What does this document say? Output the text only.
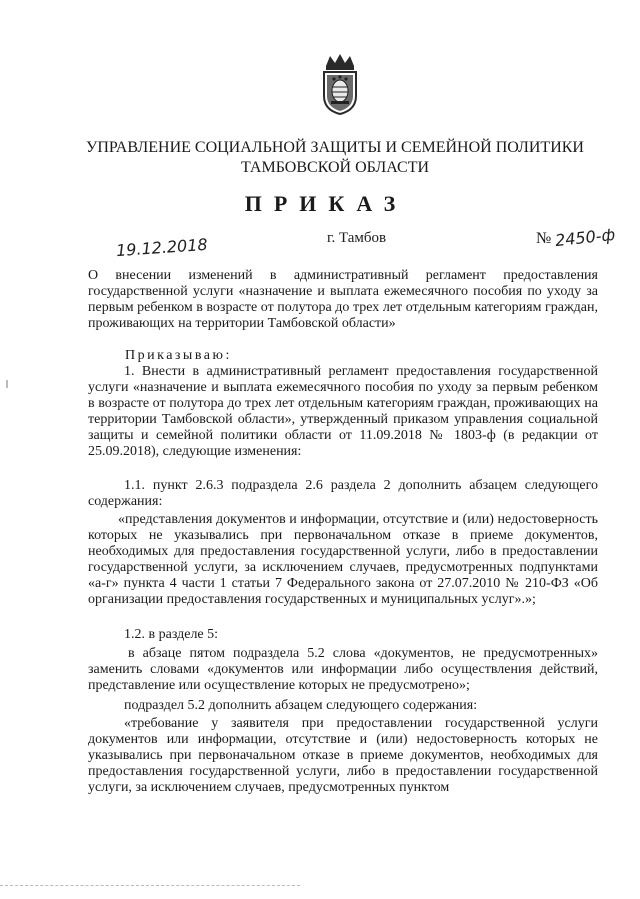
УПРАВЛЕНИЕ СОЦИАЛЬНОЙ ЗАЩИТЫ И СЕМЕЙНОЙ ПОЛИТИКИ
ТАМБОВСКОЙ ОБЛАСТИ
ПРИКАЗ
19.12.2018	г. Тамбов	№ 2450-ф
О внесении изменений в административный регламент предоставления государственной услуги «назначение и выплата ежемесячного пособия по уходу за первым ребенком в возрасте от полутора до трех лет отдельным категориям граждан, проживающих на территории Тамбовской области»
Приказываю:
1. Внести в административный регламент предоставления государственной услуги «назначение и выплата ежемесячного пособия по уходу за первым ребенком в возрасте от полутора до трех лет отдельным категориям граждан, проживающих на территории Тамбовской области», утвержденный приказом управления социальной защиты и семейной политики области от 11.09.2018 № 1803-ф (в редакции от 25.09.2018), следующие изменения:
1.1. пункт 2.6.3 подраздела 2.6 раздела 2 дополнить абзацем следующего содержания:
«представления документов и информации, отсутствие и (или) недостоверность которых не указывались при первоначальном отказе в приеме документов, необходимых для предоставления государственной услуги, либо в предоставлении государственной услуги, за исключением случаев, предусмотренных подпунктами «а-г» пункта 4 части 1 статьи 7 Федерального закона от 27.07.2010 № 210-ФЗ «Об организации предоставления государственных и муниципальных услуг».»;
1.2. в разделе 5:
в абзаце пятом подраздела 5.2 слова «документов, не предусмотренных» заменить словами «документов или информации либо осуществления действий, представление или осуществление которых не предусмотрено»;
подраздел 5.2 дополнить абзацем следующего содержания:
«требование у заявителя при предоставлении государственной услуги документов или информации, отсутствие и (или) недостоверность которых не указывались при первоначальном отказе в приеме документов, необходимых для предоставления государственной услуги, либо в предоставлении государственной услуги, за исключением случаев, предусмотренных пунктом
